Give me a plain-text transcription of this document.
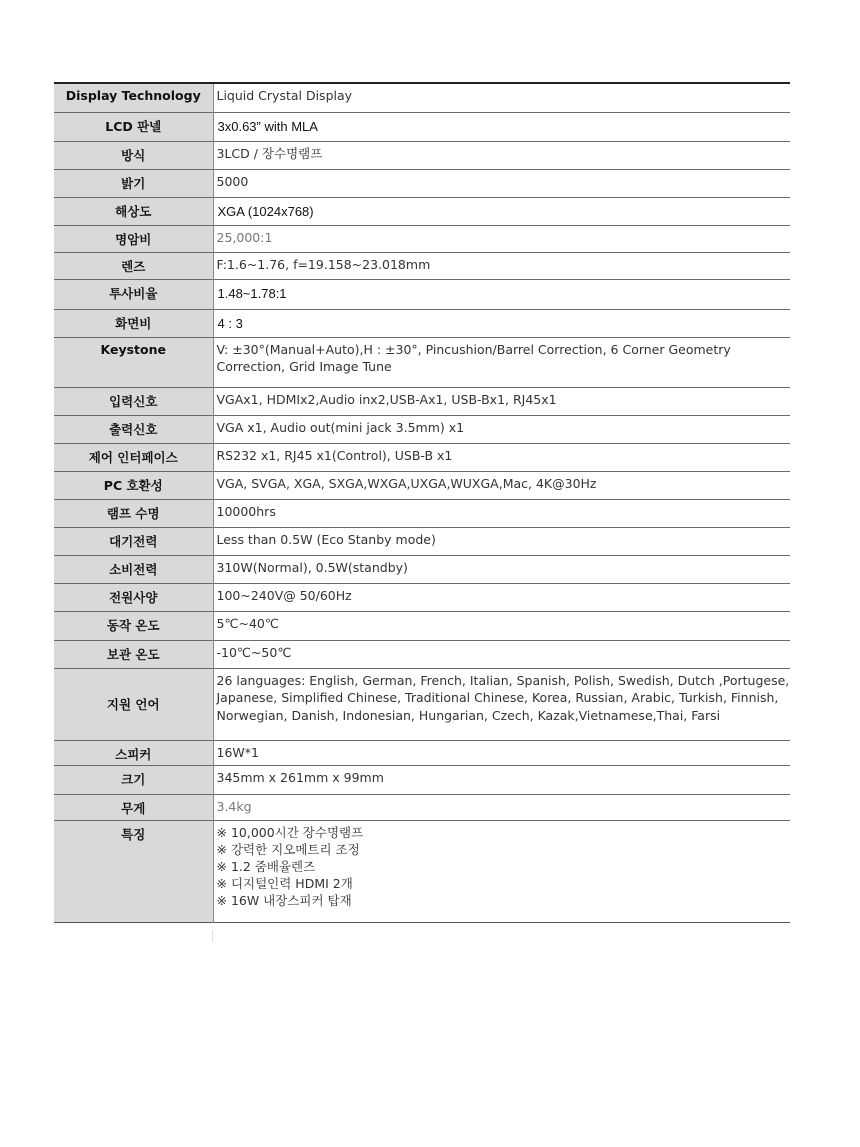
Display Technology	Liquid Crystal Display
LCD 판넬	3x0.63” with MLA
방식	3LCD / 장수명램프
밝기	5000
해상도	XGA (1024x768)
명암비	25,000:1
렌즈	F:1.6~1.76, f=19.158~23.018mm
투사비율	1.48~1.78:1
화면비	4 : 3
Keystone	V: ±30°(Manual+Auto),H : ±30°, Pincushion/Barrel Correction, 6 Corner Geometry Correction, Grid Image Tune
입력신호	VGAx1, HDMIx2,Audio inx2,USB-Ax1, USB-Bx1, RJ45x1
출력신호	VGA x1, Audio out(mini jack 3.5mm) x1
제어 인터페이스	RS232 x1, RJ45 x1(Control), USB-B x1
PC 호환성	VGA, SVGA, XGA, SXGA,WXGA,UXGA,WUXGA,Mac, 4K@30Hz
램프 수명	10000hrs
대기전력	Less than 0.5W (Eco Stanby mode)
소비전력	310W(Normal), 0.5W(standby)
전원사양	100~240V@ 50/60Hz
동작 온도	5℃~40℃
보관 온도	-10℃~50℃
지원 언어	26 languages: English, German, French, Italian, Spanish, Polish, Swedish, Dutch ,Portugese, Japanese, Simplified Chinese, Traditional Chinese, Korea, Russian, Arabic, Turkish, Finnish, Norwegian, Danish, Indonesian, Hungarian, Czech, Kazak,Vietnamese,Thai, Farsi
스피커	16W*1
크기	345mm x 261mm x 99mm
무게	3.4kg
특징	※ 10,000시간 장수명램프
※ 강력한 지오메트리 조정
※ 1.2 줌배율렌즈
※ 디지털인력 HDMI 2개
※ 16W 내장스피커 탑재
